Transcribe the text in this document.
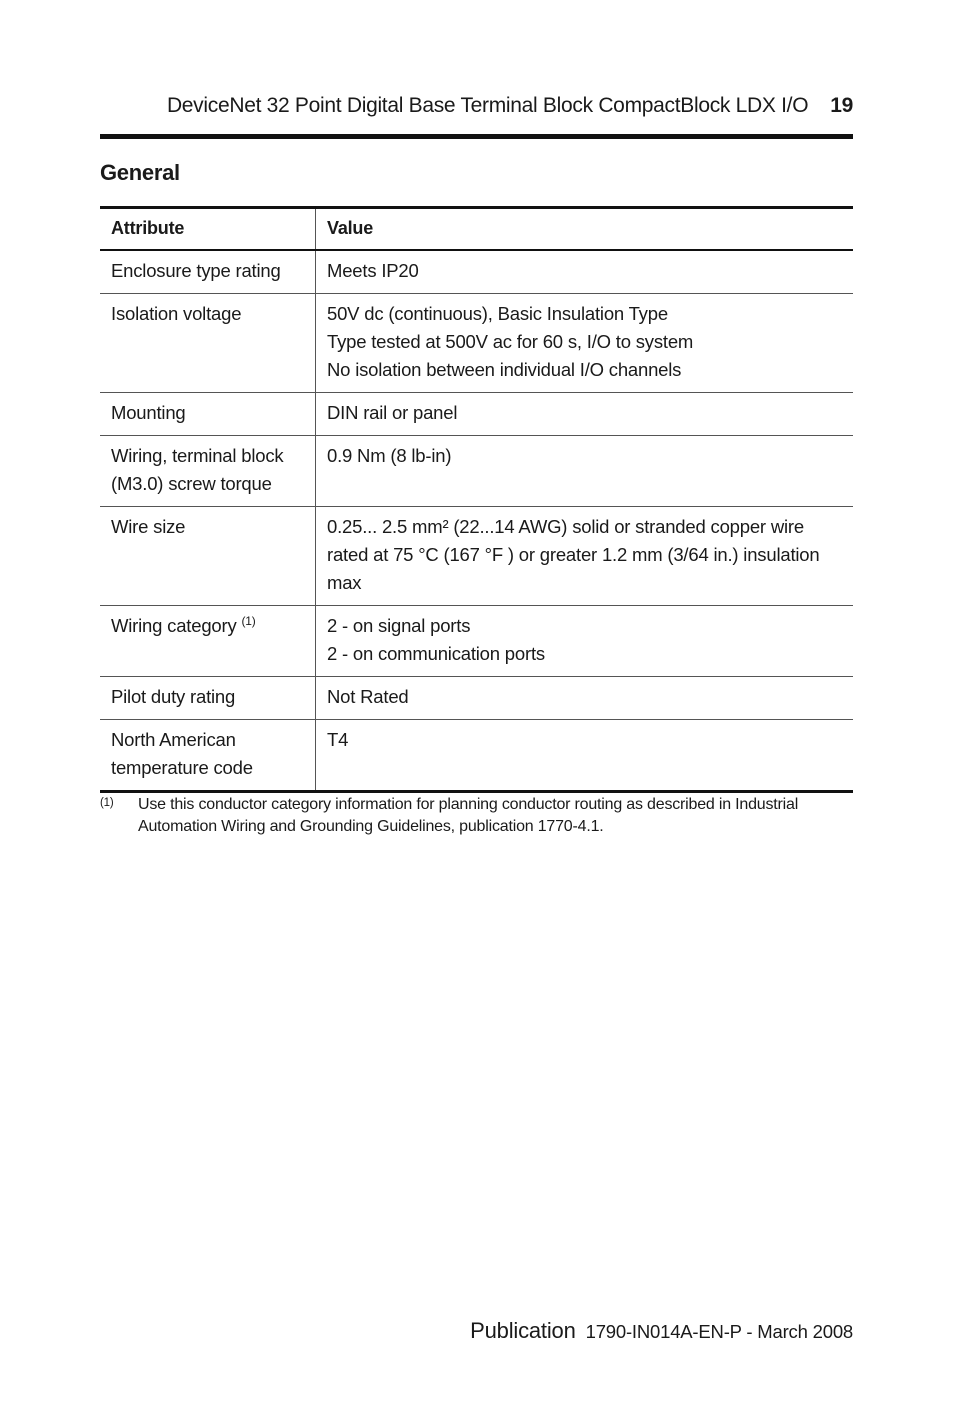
DeviceNet 32 Point Digital Base Terminal Block CompactBlock LDX I/O 19
General
Attribute	Value
Enclosure type rating	Meets IP20

Isolation voltage	50V dc (continuous), Basic Insulation Type
Type tested at 500V ac for 60 s, I/O to system
No isolation between individual I/O channels

Mounting	DIN rail or panel

Wiring, terminal block (M3.0) screw torque	0.9 Nm (8 lb-in)

Wire size	0.25... 2.5 mm² (22...14 AWG) solid or stranded copper wire rated at 75 °C (167 °F ) or greater 1.2 mm (3/64 in.) insulation max

Wiring category $^{(1)}$	2 - on signal ports
2 - on communication ports

Pilot duty rating	Not Rated

North American temperature code	T4
(1) Use this conductor category information for planning conductor routing as described in Industrial Automation Wiring and Grounding Guidelines, publication 1770-4.1.
Publication 1790-IN014A-EN-P - March 2008
